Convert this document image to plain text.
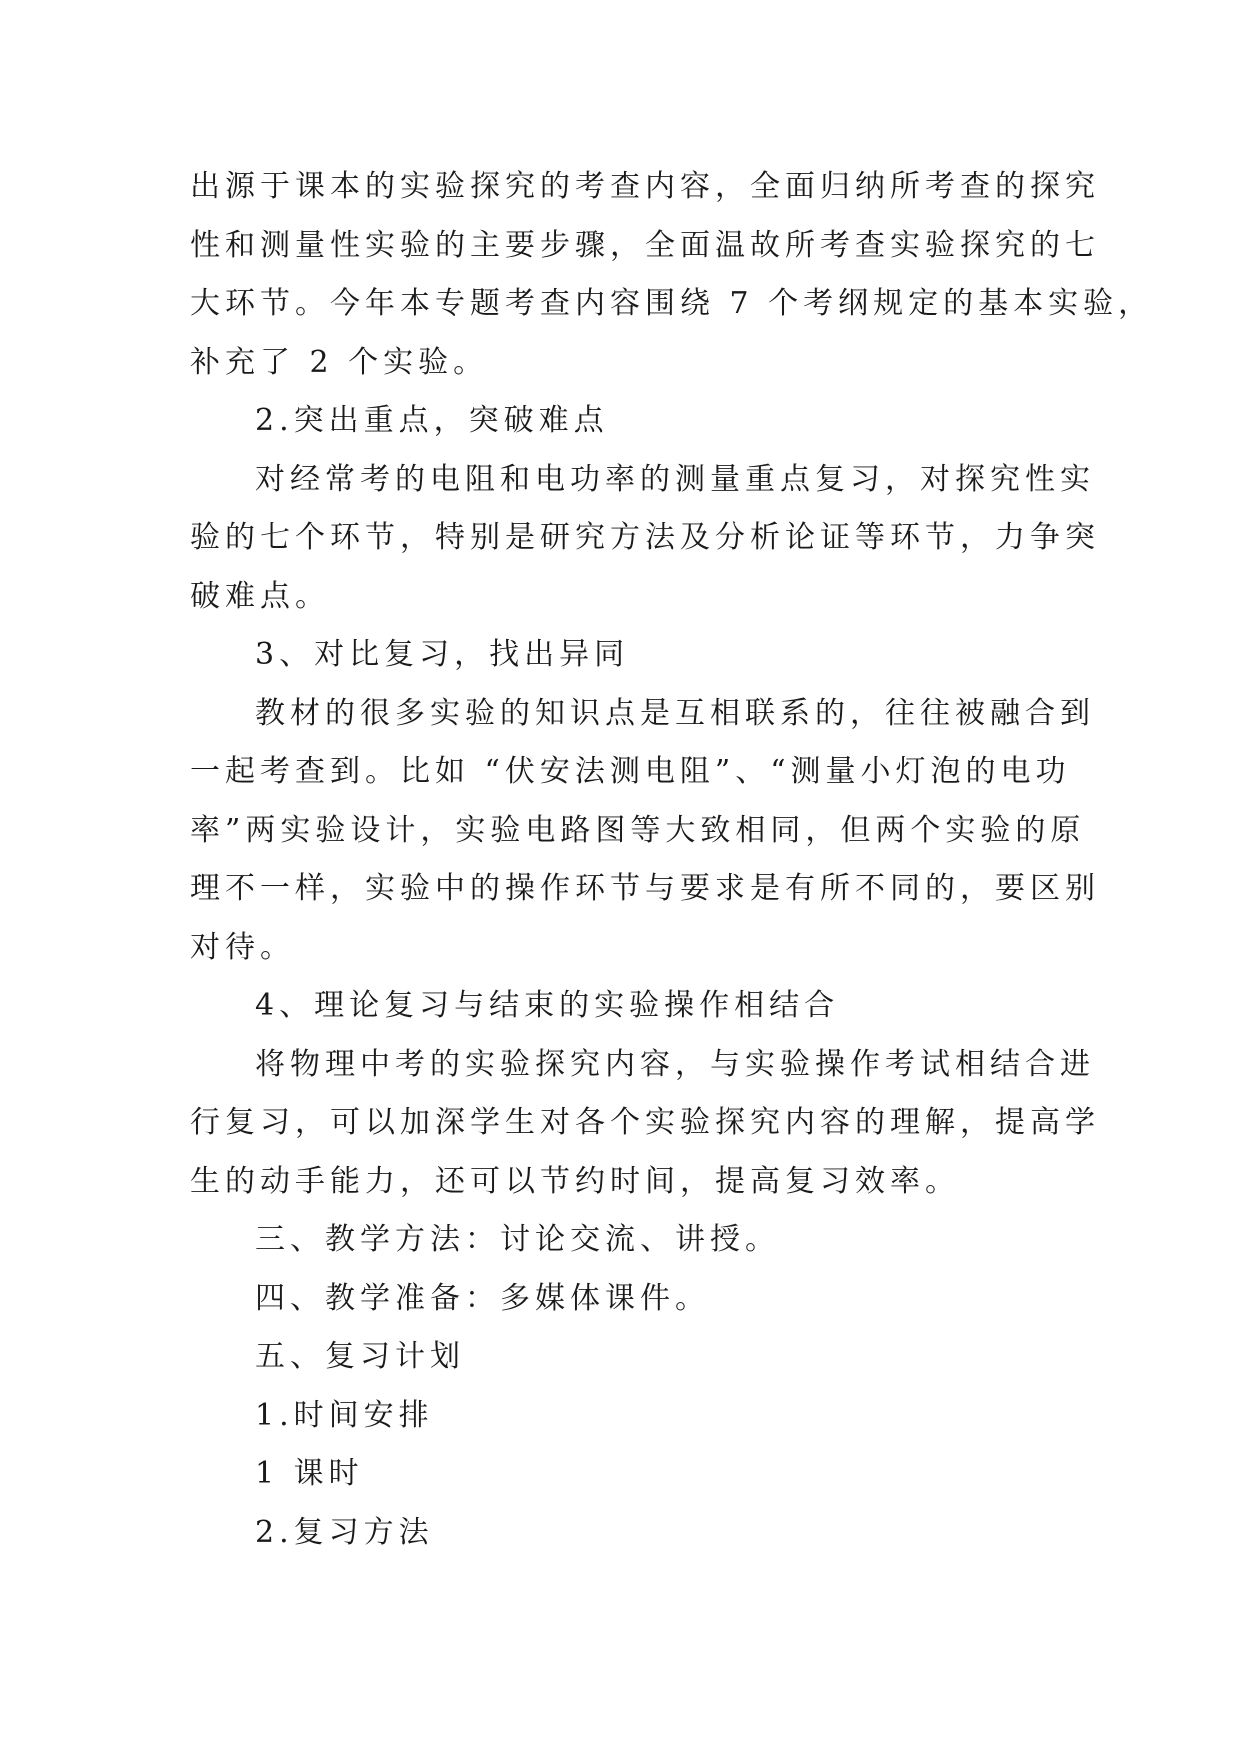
出源于课本的实验探究的考查内容，全面归纳所考查的探究
性和测量性实验的主要步骤，全面温故所考查实验探究的七
大环节。今年本专题考查内容围绕 7 个考纲规定的基本实验，
补充了 2 个实验。
2.突出重点，突破难点
对经常考的电阻和电功率的测量重点复习，对探究性实
验的七个环节，特别是研究方法及分析论证等环节，力争突
破难点。
3、对比复习，找出异同
教材的很多实验的知识点是互相联系的，往往被融合到
一起考查到。比如 “伏安法测电阻”、“测量小灯泡的电功
率”两实验设计，实验电路图等大致相同，但两个实验的原
理不一样，实验中的操作环节与要求是有所不同的，要区别
对待。
4、理论复习与结束的实验操作相结合
将物理中考的实验探究内容，与实验操作考试相结合进
行复习，可以加深学生对各个实验探究内容的理解，提高学
生的动手能力，还可以节约时间，提高复习效率。
三、教学方法：讨论交流、讲授。
四、教学准备：多媒体课件。
五、复习计划
1.时间安排
1 课时
2.复习方法
